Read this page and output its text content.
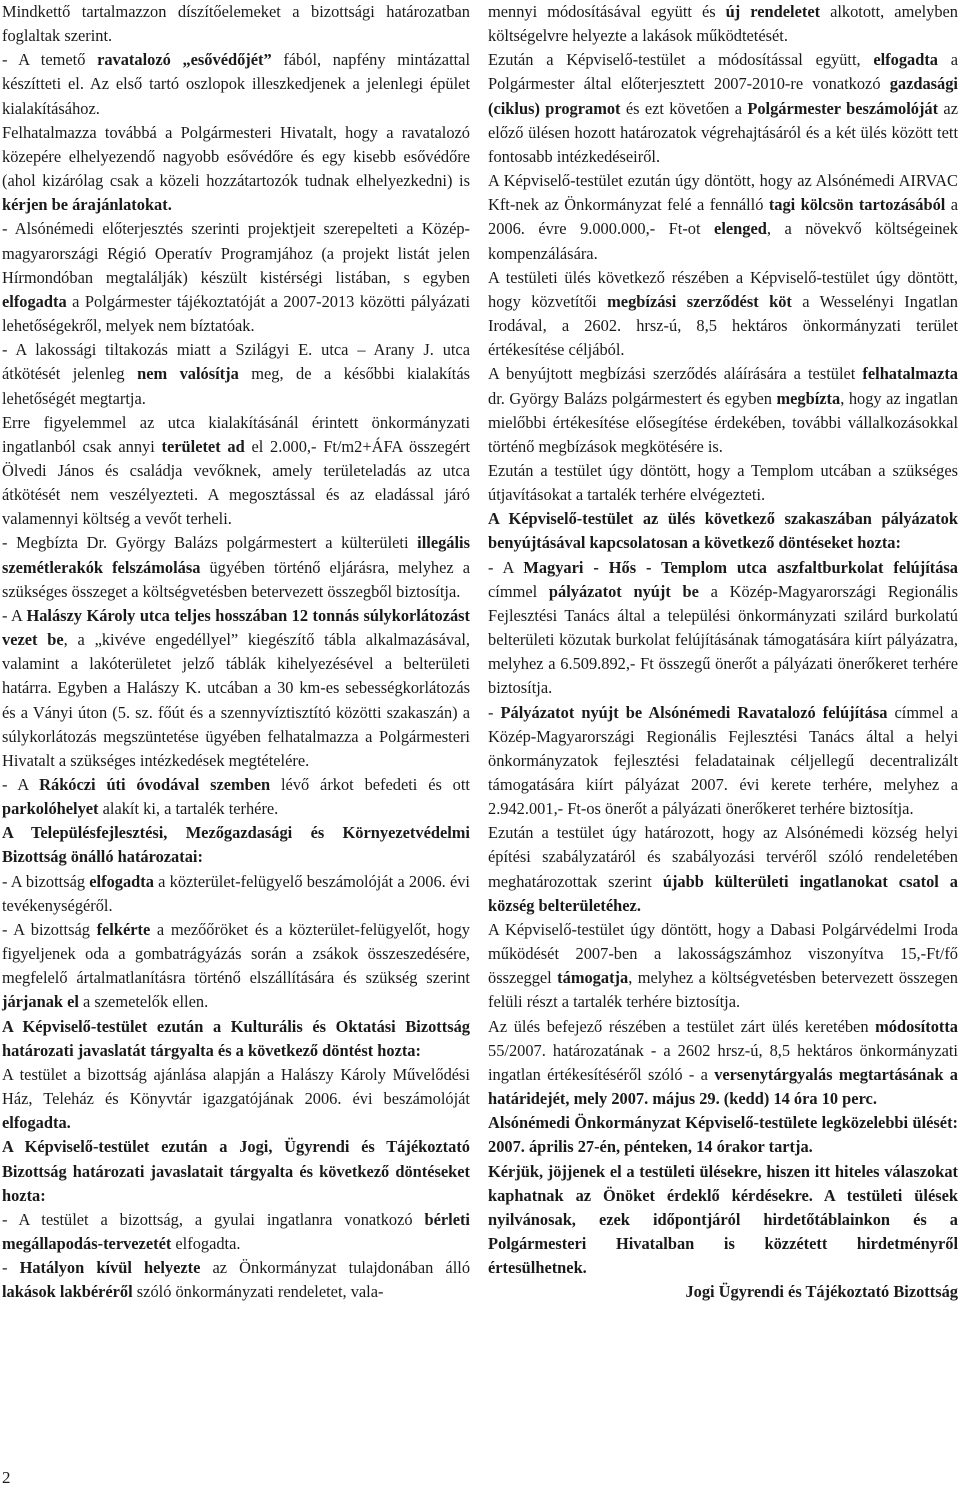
Mindkettő tartalmazzon díszítőelemeket a bizottsági határozatban foglaltak szerint.

- A temető ravatalozó „esővédőjét” fából, napfény mintázattal készítteti el. Az első tartó oszlopok illeszkedjenek a jelenlegi épület kialakításához.

Felhatalmazza továbbá a Polgármesteri Hivatalt, hogy a ravatalozó közepére elhelyezendő nagyobb esővédőre és egy kisebb esővédőre (ahol kizárólag csak a közeli hozzátartozók tudnak elhelyezkedni) is kérjen be árajánlatokat.

- Alsónémedi előterjesztés szerinti projektjeit szerepelteti a Közép-magyarországi Régió Operatív Programjához (a projekt listát jelen Hírmondóban megtalálják) készült kistérségi listában, s egyben elfogadta a Polgármester tájékoztatóját a 2007-2013 közötti pályázati lehetőségekről, melyek nem bíztatóak.

- A lakossági tiltakozás miatt a Szilágyi E. utca – Arany J. utca átkötését jelenleg nem valósítja meg, de a későbbi kialakítás lehetőségét megtartja.

Erre figyelemmel az utca kialakításánál érintett önkormányzati ingatlanból csak annyi területet ad el 2.000,- Ft/m2+ÁFA összegért Ölvedi János és családja vevőknek, amely területeladás az utca átkötését nem veszélyezteti. A megosztással és az eladással járó valamennyi költség a vevőt terheli.

- Megbízta Dr. György Balázs polgármestert a külterületi illegális szemétlerakók felszámolása ügyében történő eljárásra, melyhez a szükséges összeget a költségvetésben betervezett összegből biztosítja.

- A Halászy Károly utca teljes hosszában 12 tonnás súlykorlátozást vezet be, a „kivéve engedéllyel” kiegészítő tábla alkalmazásával, valamint a lakóterületet jelző táblák kihelyezésével a belterületi határra. Egyben a Halászy K. utcában a 30 km-es sebességkorlátozás és a Ványi úton (5. sz. főút és a szennyvíztisztító közötti szakaszán) a súlykorlátozás megszüntetése ügyében felhatalmazza a Polgármesteri Hivatalt a szükséges intézkedések megtételére.

- A Rákóczi úti óvodával szemben lévő árkot befedeti és ott parkolóhelyet alakít ki, a tartalék terhére.

A Településfejlesztési, Mezőgazdasági és Környezetvédelmi Bizottság önálló határozatai:

- A bizottság elfogadta a közterület-felügyelő beszámolóját a 2006. évi tevékenységéről.

- A bizottság felkérte a mezőőröket és a közterület-felügyelőt, hogy figyeljenek oda a gombatrágyázás során a zsákok összeszedésére, megfelelő ártalmatlanításra történő elszállítására és szükség szerint járjanak el a szemetelők ellen.

A Képviselő-testület ezután a Kulturális és Oktatási Bizottság határozati javaslatát tárgyalta és a következő döntést hozta:

A testület a bizottság ajánlása alapján a Halászy Károly Művelődési Ház, Teleház és Könyvtár igazgatójának 2006. évi beszámolóját elfogadta.

A Képviselő-testület ezután a Jogi, Ügyrendi és Tájékoztató Bizottság határozati javaslatait tárgyalta és következő döntéseket hozta:

- A testület a bizottság, a gyulai ingatlanra vonatkozó bérleti megállapodás-tervezetét elfogadta.

- Hatályon kívül helyezte az Önkormányzat tulajdonában álló lakások lakbéréről szóló önkormányzati rendeletet, vala-

mennyi módosításával együtt és új rendeletet alkotott, amelyben költségelvre helyezte a lakások működtetését.

Ezután a Képviselő-testület a módosítással együtt, elfogadta a Polgármester által előterjesztett 2007-2010-re vonatkozó gazdasági (ciklus) programot és ezt követően a Polgármester beszámolóját az előző ülésen hozott határozatok végrehajtásáról és a két ülés között tett fontosabb intézkedéseiről.

A Képviselő-testület ezután úgy döntött, hogy az Alsónémedi AIRVAC Kft-nek az Önkormányzat felé a fennálló tagi kölcsön tartozásából a 2006. évre 9.000.000,- Ft-ot elenged, a növekvő költségeinek kompenzálására.

A testületi ülés következő részében a Képviselő-testület úgy döntött, hogy közvetítői megbízási szerződést köt a Wesselényi Ingatlan Irodával, a 2602. hrsz-ú, 8,5 hektáros önkormányzati terület értékesítése céljából.

A benyújtott megbízási szerződés aláírására a testület felhatalmazta dr. György Balázs polgármestert és egyben megbízta, hogy az ingatlan mielőbbi értékesítése elősegítése érdekében, további vállalkozásokkal történő megbízások megkötésére is.

Ezután a testület úgy döntött, hogy a Templom utcában a szükséges útjavításokat a tartalék terhére elvégezteti.

A Képviselő-testület az ülés következő szakaszában pályázatok benyújtásával kapcsolatosan a következő döntéseket hozta:

- A Magyari - Hős - Templom utca aszfaltburkolat felújítása címmel pályázatot nyújt be a Közép-Magyarországi Regionális Fejlesztési Tanács által a települési önkormányzati szilárd burkolatú belterületi közutak burkolat felújításának támogatására kiírt pályázatra, melyhez a 6.509.892,- Ft összegű önerőt a pályázati önerőkeret terhére biztosítja.

- Pályázatot nyújt be Alsónémedi Ravatalozó felújítása címmel a Közép-Magyarországi Regionális Fejlesztési Tanács által a helyi önkormányzatok fejlesztési feladatainak céljellegű decentralizált támogatására kiírt pályázat 2007. évi kerete terhére, melyhez a 2.942.001,- Ft-os önerőt a pályázati önerőkeret terhére biztosítja.

Ezután a testület úgy határozott, hogy az Alsónémedi község helyi építési szabályzatáról és szabályozási tervéről szóló rendeletében meghatározottak szerint újabb külterületi ingatlanokat csatol a község belterületéhez.

A Képviselő-testület úgy döntött, hogy a Dabasi Polgárvédelmi Iroda működését 2007-ben a lakosságszámhoz viszonyítva 15,-Ft/fő összeggel támogatja, melyhez a költségvetésben betervezett összegen felüli részt a tartalék terhére biztosítja.

Az ülés befejező részében a testület zárt ülés keretében módosította 55/2007. határozatának - a 2602 hrsz-ú, 8,5 hektáros önkormányzati ingatlan értékesítéséről szóló - a versenytárgyalás megtartásának a határidejét, mely 2007. május 29. (kedd) 14 óra 10 perc.

Alsónémedi Önkormányzat Képviselő-testülete legközelebbi ülését: 2007. április 27-én, pénteken, 14 órakor tartja.

Kérjük, jöjjenek el a testületi ülésekre, hiszen itt hiteles válaszokat kaphatnak az Önöket érdeklő kérdésekre. A testületi ülések nyilvánosak, ezek időpontjáról hirdetőtáblainkon és a Polgármesteri Hivatalban is közzétett hirdetményről értesülhetnek.

Jogi Ügyrendi és Tájékoztató Bizottság

2
